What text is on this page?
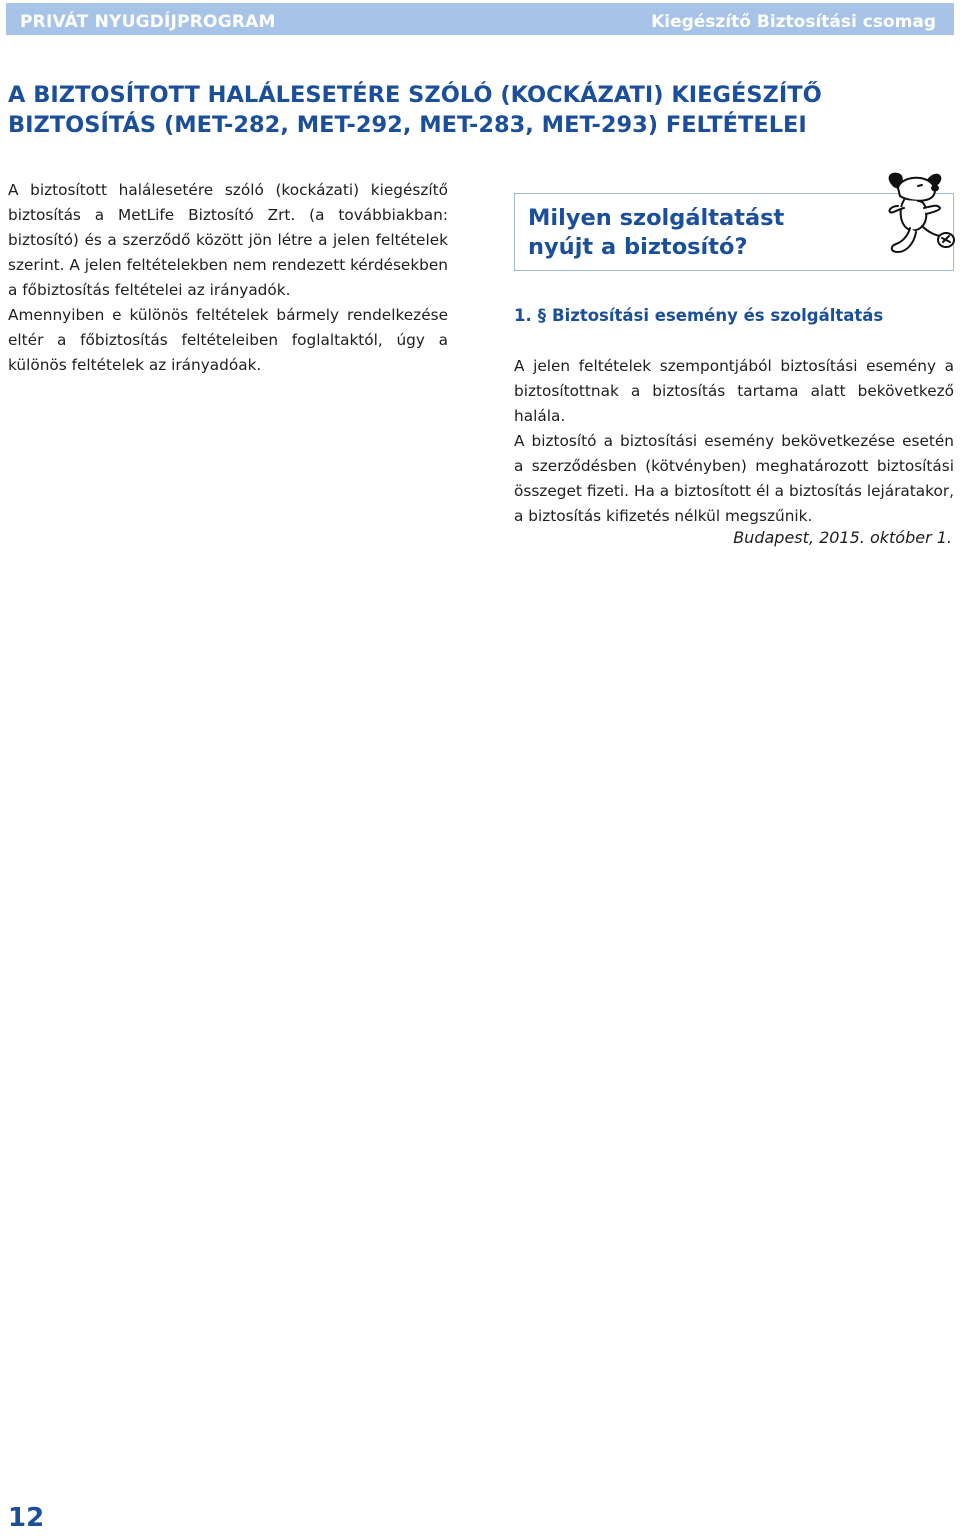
PRIVÁT NYUGDÍJPROGRAM	Kiegészítő Biztosítási csomag
A BIZTOSÍTOTT HALÁLESETÉRE SZÓLÓ (KOCKÁZATI) KIEGÉSZÍTŐ
BIZTOSÍTÁS (MET-282, MET-292, MET-283, MET-293) FELTÉTELEI

A biztosított halálesetére szóló (kockázati) kiegészítő biztosítás a MetLife Biztosító Zrt. (a továbbiakban: biztosító) és a szerződő között jön létre a jelen feltételek szerint. A jelen feltételekben nem rendezett kérdésekben a főbiztosítás feltételei az irányadók.

Amennyiben e különös feltételek bármely rendelkezése eltér a főbiztosítás feltételeiben foglaltaktól, úgy a különös feltételek az irányadóak.

Milyen szolgáltatást
nyújt a biztosító?
1. § Biztosítási esemény és szolgáltatás

A jelen feltételek szempontjából biztosítási esemény a biztosítottnak a biztosítás tartama alatt bekövetkező halála.

A biztosító a biztosítási esemény bekövetkezése esetén a szerződésben (kötvényben) meghatározott biztosítási összeget fizeti. Ha a biztosított él a biztosítás lejáratakor, a biztosítás kifizetés nélkül megszűnik.

Budapest, 2015. október 1.
12
